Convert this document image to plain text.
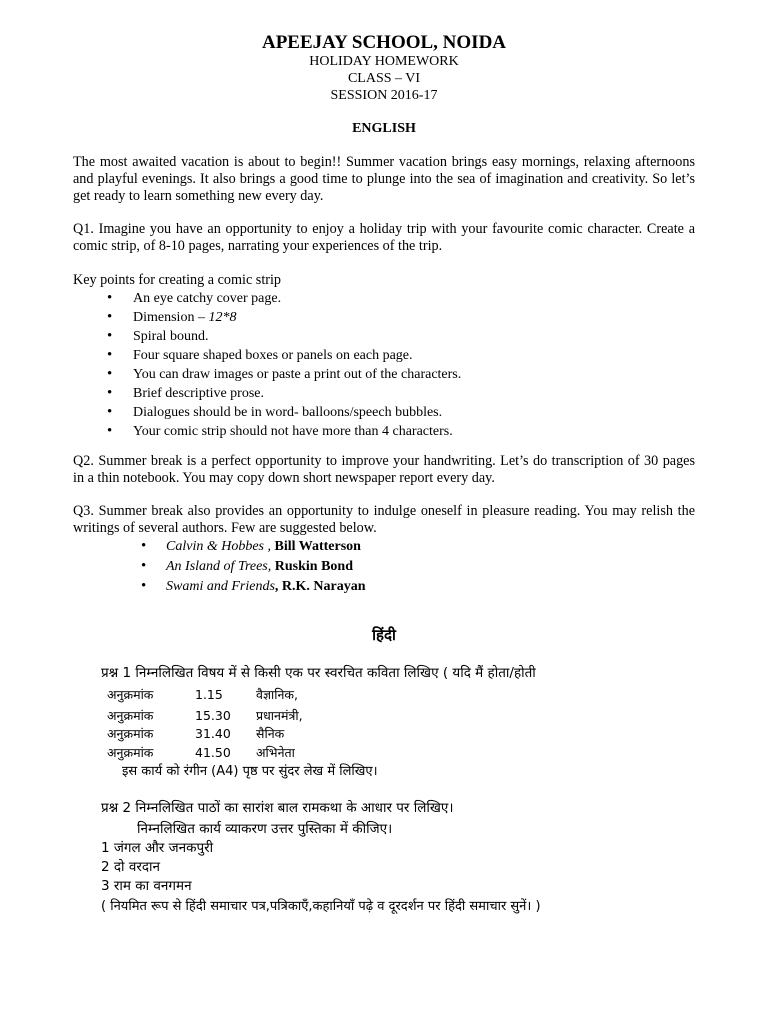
APEEJAY SCHOOL, NOIDA
HOLIDAY HOMEWORK
CLASS – VI
SESSION 2016-17
ENGLISH

The most awaited vacation is about to begin!! Summer vacation brings easy mornings, relaxing afternoons and playful evenings. It also brings a good time to plunge into the sea of imagination and creativity. So let’s get ready to learn something new every day.

Q1. Imagine you have an opportunity to enjoy a holiday trip with your favourite comic character. Create a comic strip, of 8-10 pages, narrating your experiences of the trip.

Key points for creating a comic strip

• An eye catchy cover page.
• Dimension – 12*8
• Spiral bound.
• Four square shaped boxes or panels on each page.
• You can draw images or paste a print out of the characters.
• Brief descriptive prose.
• Dialogues should be in word- balloons/speech bubbles.
• Your comic strip should not have more than 4 characters.

Q2. Summer break is a perfect opportunity to improve your handwriting. Let’s do transcription of 30 pages in a thin notebook. You may copy down short newspaper report every day.

Q3. Summer break also provides an opportunity to indulge oneself in pleasure reading. You may relish the writings of several authors. Few are suggested below.

• Calvin & Hobbes , Bill Watterson
• An Island of Trees, Ruskin Bond
• Swami and Friends, R.K. Narayan
हिंदी
प्रश्न 1 निम्नलिखित विषय में से किसी एक पर स्वरचित कविता लिखिए ( यदि मैं होता/होती
अनुक्रमांक	1.15	वैज्ञानिक,
अनुक्रमांक	15.30 प्रधानमंत्री,
अनुक्रमांक	31.40 सैनिक
अनुक्रमांक	41.50 अभिनेता
इस कार्य को रंगीन (A4) पृष्ठ पर सुंदर लेख में लिखिए।
प्रश्न 2 निम्नलिखित पाठों का सारांश बाल रामकथा के आधार पर लिखिए।
निम्नलिखित कार्य व्याकरण उत्तर पुस्तिका में कीजिए।
1 जंगल और जनकपुरी
2 दो वरदान
3 राम का वनगमन
( नियमित रूप से हिंदी समाचार पत्र,पत्रिकाएँ,कहानियाँ पढ़े व दूरदर्शन पर हिंदी समाचार सुनें। )
